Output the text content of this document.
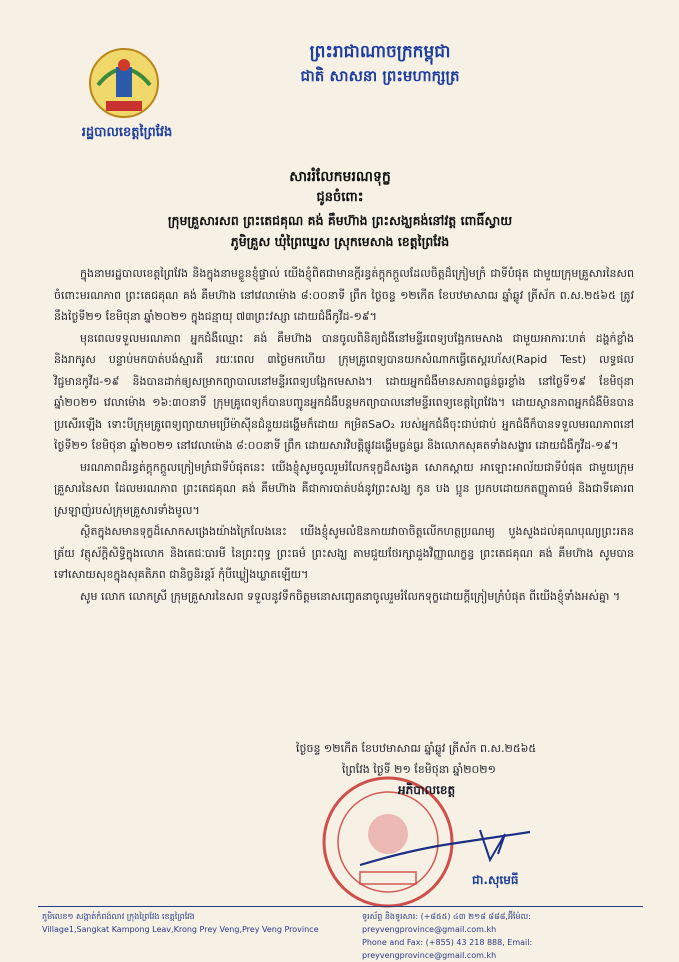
ព្រះរាជាណាចក្រកម្ពុជា
ជាតិ សាសនា ព្រះមហាក្សត្រ
រដ្ឋបាលខេត្តព្រៃវែង
សាររំលែកមរណទុក្ខ
ជូនចំពោះ
ក្រុមគ្រួសារសព ព្រះតេជគុណ គង់ គឹមហ៊ាង ព្រះសង្ឃគង់នៅវត្ត ពោធិ៍ស្វាយ
ភូមិគ្រួស ឃុំព្រៃឃ្នេស ស្រុកមេសាង ខេត្តព្រៃវែង

ក្នុងនាមរដ្ឋបាលខេត្តព្រៃវែង និងក្នុងនាមខ្លួនខ្ញុំផ្ទាល់ យើងខ្ញុំពិតជាមានក្តីរន្ធត់ក្តុកក្តួលដែលចិត្តដ៏ក្រៀមក្រំ ជាទីបំផុត ជាមួយក្រុមគ្រួសារនៃសព ចំពោះមរណភាព ព្រះតេជគុណ គង់ គឹមហ៊ាង នៅវេលាម៉ោង ៨:០០នាទី ព្រឹក ថ្ងៃចន្ទ ១២កើត ខែបឋមាសាឍ ឆ្នាំឆ្លូវ ត្រីស័ក ព.ស.២៥៦៥ ត្រូវនឹងថ្ងៃទី២១ ខែមិថុនា ឆ្នាំ២០២១ ក្នុងជន្មាយុ ៧៣ព្រះវស្សា ដោយជំងឺកូវីដ-១៩។

មុនពេលទទួលមរណភាព អ្នកជំងឺឈ្មោះ គង់ គឹមហ៊ាង បានចូលពិនិត្យជំងឺនៅមន្ទីរពេទ្យបង្អែកមេសាង ជាមួយអាការៈហត់ ដង្ហក់ខ្លាំង និងរាករូស បន្ទាប់មកបាត់បង់ស្មារតី រយៈពេល ៣ថ្ងៃមកហើយ ក្រុមគ្រូពេទ្យបានយកសំណាកធ្វើតេស្តរហ័ស(Rapid Test) លទ្ធផលវិជ្ជមានកូវីដ-១៩ និងបានដាក់ឲ្យសម្រាកព្យាបាលនៅមន្ទីរពេទ្យបង្អែកមេសាង។ ដោយអ្នកជំងឺមានសភាពធ្ងន់ធ្ងរខ្លាំង នៅថ្ងៃទី១៩ ខែមិថុនា ឆ្នាំ២០២១ វេលាម៉ោង ១៦:៣០នាទី ក្រុមគ្រូពេទ្យក៏បានបញ្ជូនអ្នកជំងឺបន្តមកព្យាបាលនៅមន្ទីរពេទ្យខេត្តព្រៃវែង។ ដោយស្ថានភាពអ្នកជំងឺមិនបានប្រសើរឡើង ទោះបីក្រុមគ្រូពេទ្យព្យាយាមប្រើម៉ាស៊ីនជំនួយដង្ហើមក៏ដោយ កម្រិតSaO₂ របស់អ្នកជំងឺចុះជាប់ជាប់ អ្នកជំងឺក៏បានទទួលមរណភាពនៅថ្ងៃទី២១ ខែមិថុនា ឆ្នាំ២០២១ នៅវេលាម៉ោង ៨:០០នាទី ព្រឹក ដោយសារវិបត្តិផ្លូវដង្ហើមធ្ងន់ធ្ងរ និងលោកសុគតទាំងសង្ខារ ដោយជំងឺកូវីដ-១៩។

មរណភាពដ៏រន្ធត់ក្តុកក្តួលក្រៀមក្រំជាទីបំផុតនេះ យើងខ្ញុំសូមចូលរួមរំលែកទុក្ខដ៏សង្វេគ សោកស្តាយ អាឡោះអាល័យជាទីបំផុត ជាមួយក្រុមគ្រួសារនៃសព ដែលមរណភាព ព្រះតេជគុណ គង់ គឹមហ៊ាង គឺជាការបាត់បង់នូវព្រះសង្ឃ កូន បង ប្អូន ប្រកបដោយកតញ្ញូតាធម៌ និងជាទីគោរពស្រឡាញ់របស់ក្រុមគ្រួសារទាំងមូល។

ស្ថិតក្នុងសមានទុក្ខដ៏សោកសង្រេងយ៉ាងក្រៃលែងនេះ យើងខ្ញុំសូមលំឱនកាយវាចាចិត្តលើកហត្ថប្រណម្យ បួងសួងដល់គុណបុណ្យព្រះរតនត្រ័យ វត្ថុស័ក្តិសិទ្ធិក្នុងលោក និងតេជៈបារមី នៃព្រះពុទ្ធ ព្រះធម៌ ព្រះសង្ឃ តាមជួយថែរក្សាដួងវិញ្ញាណក្ខន្ធ ព្រះតេជគុណ គង់ គឹមហ៊ាង សូមបានទៅសោយសុខក្នុងសុគតិភព ជានិច្ចនិរន្តរ៍ កុំបីឃ្លៀងឃ្លាតឡើយ។

សូម លោក លោកស្រី ក្រុមគ្រួសារនៃសព ទទួលនូវទឹកចិត្តមនោសញ្ចេតនាចូលរួមរំលែកទុក្ខដោយក្តីក្រៀមក្រំបំផុត ពីយើងខ្ញុំទាំងអស់គ្នា ។

ថ្ងៃចន្ទ ១២កើត ខែបឋមាសាឍ ឆ្នាំឆ្លូវ ត្រីស័ក ព.ស.២៥៦៥
ព្រៃវែង ថ្ងៃទី ២១ ខែមិថុនា ឆ្នាំ២០២១
អភិបាលខេត្ត
ជា.សុមេធី
ភូមិលេខ១ សង្កាត់កំពង់លាវ ក្រុងព្រៃវែង ខេត្តព្រៃវែង
Village1,Sangkat Kampong Leav,Krong Prey Veng,Prey Veng Province
ទូរស័ព្ទ និងទូរសារ: (+៨៥៥) ៤៣ ២១៨ ៨៨៨,អ៊ីម៉ែល: preyvengprovince@gmail.com.kh
Phone and Fax: (+855) 43 218 888, Email: preyvengprovince@gmail.com.kh
